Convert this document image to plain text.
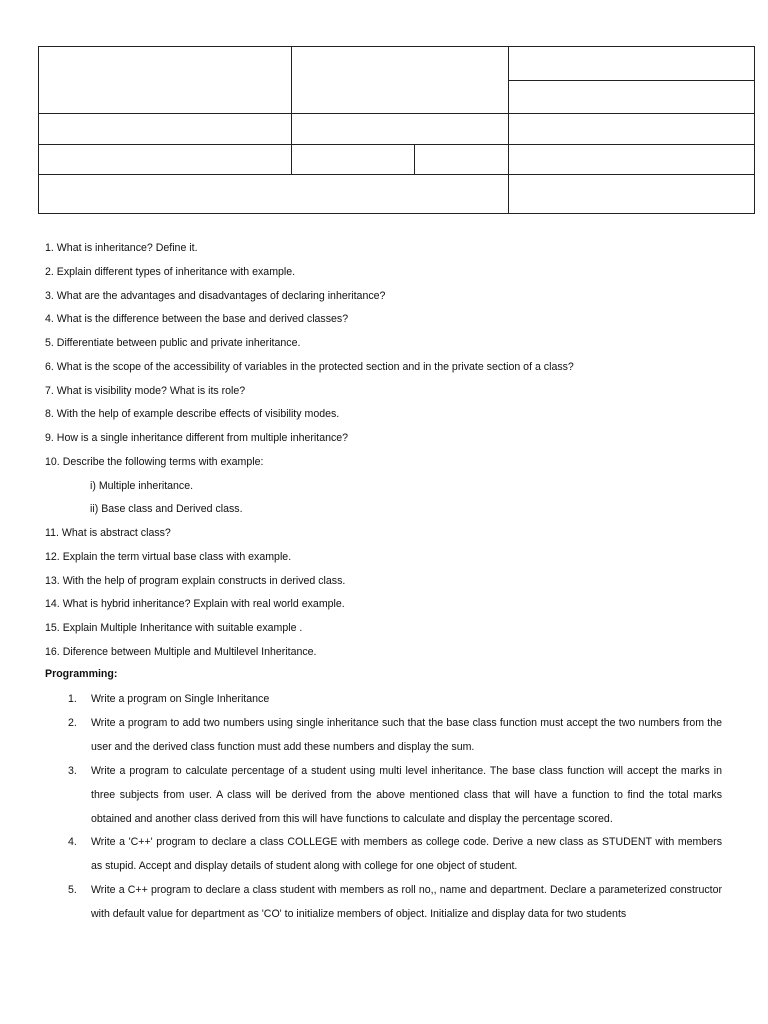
1. What is inheritance? Define it.
2. Explain different types of inheritance with example.
3. What are the advantages and disadvantages of declaring inheritance?
4. What is the difference between the base and derived classes?
5. Differentiate between public and private inheritance.
6. What is the scope of the accessibility of variables in the protected section and in the private section of a class?
7. What is visibility mode? What is its role?
8. With the help of example describe effects of visibility modes.
9. How is a single inheritance different from multiple inheritance?
10. Describe the following terms with example:
i) Multiple inheritance.
ii) Base class and Derived class.
11. What is abstract class?
12. Explain the term virtual base class with example.
13. With the help of program explain constructs in derived class.
14. What is hybrid inheritance? Explain with real world example.
15. Explain Multiple Inheritance with suitable example .
16. Diference between Multiple and Multilevel Inheritance.
Programming:
1. Write a program on Single Inheritance
2. Write a program to add two numbers using single inheritance such that the base class function must accept the two numbers from the user and the derived class function must add these numbers and display the sum.
3. Write a program to calculate percentage of a student using multi level inheritance. The base class function will accept the marks in three subjects from user. A class will be derived from the above mentioned class that will have a function to find the total marks obtained and another class derived from this will have functions to calculate and display the percentage scored.
4. Write a 'C++' program to declare a class COLLEGE with members as college code. Derive a new class as STUDENT with members as stupid. Accept and display details of student along with college for one object of student.
5. Write a C++ program to declare a class student with members as roll no,, name and department. Declare a parameterized constructor with default value for department as 'CO' to initialize members of object. Initialize and display data for two students
